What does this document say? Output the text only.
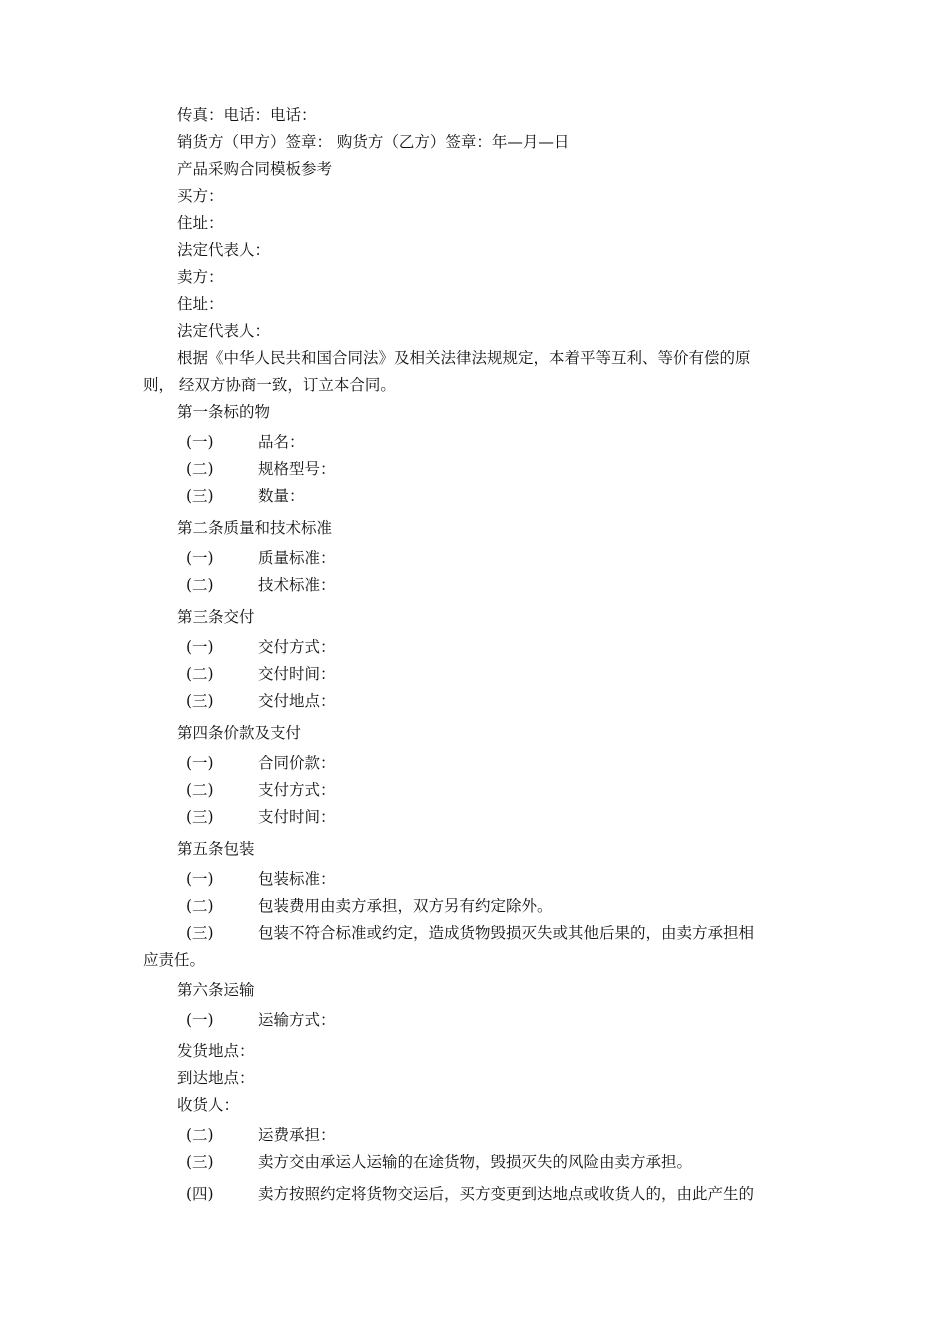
传真：电话：电话：
销货方（甲方）签章： 购货方（乙方）签章：年—月—日
产品采购合同模板参考
买方：
住址：
法定代表人：
卖方：
住址：
法定代表人：
根据《中华人民共和国合同法》及相关法律法规规定，本着平等互利、等价有偿的原
则， 经双方协商一致，订立本合同。
第一条标的物
(一)	品名：
(二)	规格型号：
(三)	数量：
第二条质量和技术标准
(一)	质量标准：
(二)	技术标准：
第三条交付
(一)	交付方式：
(二)	交付时间：
(三)	交付地点：
第四条价款及支付
(一)	合同价款：
(二)	支付方式：
(三)	支付时间：
第五条包装
(一)	包装标准：
(二)	包装费用由卖方承担，双方另有约定除外。
(三)	包装不符合标准或约定，造成货物毁损灭失或其他后果的，由卖方承担相
应责任。
第六条运输
(一)	运输方式：
发货地点：
到达地点：
收货人：
(二)	运费承担：
(三)	卖方交由承运人运输的在途货物，毁损灭失的风险由卖方承担。
(四)	卖方按照约定将货物交运后，买方变更到达地点或收货人的，由此产生的
